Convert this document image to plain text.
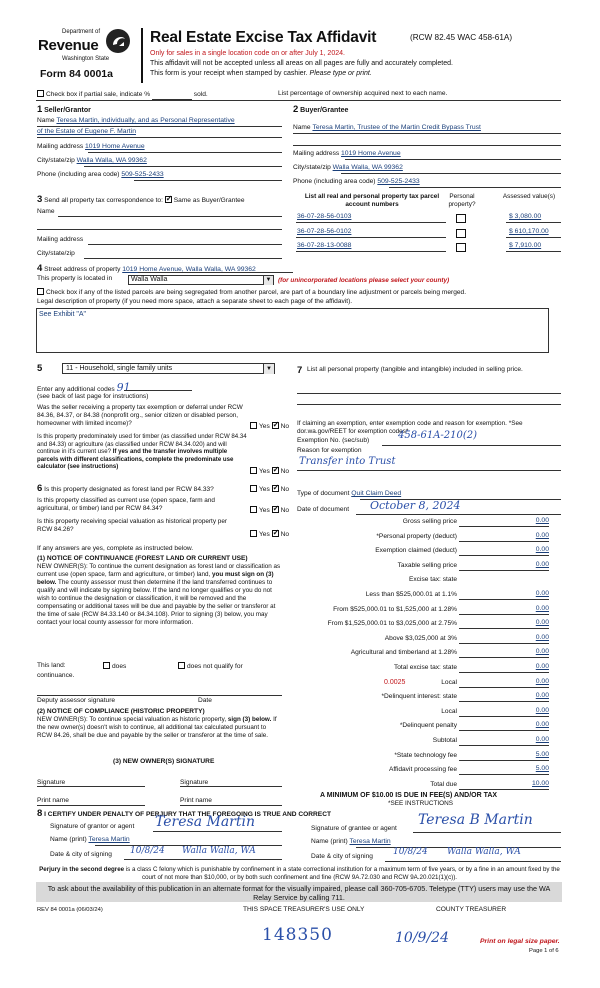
Department of
Revenue
Washington State
Form 84 0001a
Real Estate Excise Tax Affidavit	(RCW 82.45 WAC 458-61A)
Only for sales in a single location code on or after July 1, 2024.
This affidavit will not be accepted unless all areas on all pages are fully and accurately completed.
This form is your receipt when stamped by cashier. Please type or print.
Check box if partial sale, indicate %	sold.	List percentage of ownership acquired next to each name.
1 Seller/Grantor
Name Teresa Martin, individually, and as Personal Representative
of the Estate of Eugene F. Martin
Mailing address 1019 Home Avenue
City/state/zip Walla Walla, WA 99362
Phone (including area code) 509-525-2433
2 Buyer/Grantee
Name Teresa Martin, Trustee of the Martin Credit Bypass Trust
Mailing address 1019 Home Avenue
City/state/zip Walla Walla, WA 99362
Phone (including area code) 509-525-2433
3 Send all property tax correspondence to: ✓ Same as Buyer/Grantee
Name
Mailing address
City/state/zip
List all real and personal property tax parcel account numbers
Personal property?
Assessed value(s)
36-07-28-56-0103	$ 3,080.00
36-07-28-56-0102	$ 610,170.00
36-07-28-13-0088	$ 7,910.00
4 Street address of property 1019 Home Avenue, Walla Walla, WA 99362
This property is located in	Walla Walla	▼ (for unincorporated locations please select your county)
Check box if any of the listed parcels are being segregated from another parcel, are part of a boundary line adjustment or parcels being merged.
Legal description of property (if you need more space, attach a separate sheet to each page of the affidavit).
See Exhibit "A"
5	11 - Household, single family units	▼
Enter any additional codes 91
(see back of last page for instructions)
Was the seller receiving a property tax exemption or deferral under RCW 84.36, 84.37, or 84.38 (nonprofit org., senior citizen or disabled person, homeowner with limited income)?	Yes ✓ No
Is this property predominately used for timber (as classified under RCW 84.34 and 84.33) or agriculture (as classified under RCW 84.34.020) and will continue in it's current use? If yes and the transfer involves multiple parcels with different classifications, complete the predominate use calculator (see instructions)
Yes ✓ No
6 Is this property designated as forest land per RCW 84.33?	Yes ✓ No
Is this property classified as current use (open space, farm and agricultural, or timber) land per RCW 84.34?	Yes ✓ No
Is this property receiving special valuation as historical property per RCW 84.26?
Yes ✓ No
If any answers are yes, complete as instructed below.
(1) NOTICE OF CONTINUANCE (FOREST LAND OR CURRENT USE)
NEW OWNER(S): To continue the current designation as forest land or classification as current use (open space, farm and agriculture, or timber) land, you must sign on (3) below. The county assessor must then determine if the land transferred continues to qualify and will indicate by signing below. If the land no longer qualifies or you do not wish to continue the designation or classification, it will be removed and the compensating or additional taxes will be due and payable by the seller or transferor at the time of sale (RCW 84.33.140 or 84.34.108). Prior to signing (3) below, you may contact your local county assessor for more information.
This land:	does	does not qualify for
continuance.
Deputy assessor signature	Date
(2) NOTICE OF COMPLIANCE (HISTORIC PROPERTY)
NEW OWNER(S): To continue special valuation as historic property, sign (3) below. If the new owner(s) doesn't wish to continue, all additional tax calculated pursuant to RCW 84.26, shall be due and payable by the seller or transferor at the time of sale.
(3) NEW OWNER(S) SIGNATURE
Signature	Signature
Print name	Print name
7 List all personal property (tangible and intangible) included in selling price.
If claiming an exemption, enter exemption code and reason for exemption. *See dor.wa.gov/REET for exemption codes*
Exemption No. (sec/sub)	458-61A-210(2)
Reason for exemption
Transfer into Trust
Type of document Quit Claim Deed
Date of document October 8, 2024
Gross selling price	0.00
*Personal property (deduct)	0.00
Exemption claimed (deduct)	0.00
Taxable selling price	0.00
Excise tax: state
Less than $525,000.01 at 1.1%	0.00
From $525,000.01 to $1,525,000 at 1.28%	0.00
From $1,525,000.01 to $3,025,000 at 2.75%	0.00
Above $3,025,000 at 3%	0.00
Agricultural and timberland at 1.28%	0.00
Total excise tax: state	0.00
Local	0.00
*Delinquent interest: state	0.00
Local	0.00
*Delinquent penalty	0.00
Subtotal	0.00
*State technology fee	5.00
Affidavit processing fee	5.00
Total due	10.00
0.0025
A MINIMUM OF $10.00 IS DUE IN FEE(S) AND/OR TAX
*SEE INSTRUCTIONS
8 I CERTIFY UNDER PENALTY OF PERJURY THAT THE FOREGOING IS TRUE AND CORRECT
Signature of grantor or agent Teresa Martin
Name (print) Teresa Martin
Date & city of signing 10/8/24 Walla Walla, WA
Signature of grantee or agent
Teresa B Martin
Name (print) Teresa Martin
Date & city of signing 10/8/24 Walla Walla, WA
Perjury in the second degree is a class C felony which is punishable by confinement in a state correctional institution for a maximum term of five years, or by a fine in an amount fixed by the court of not more than $10,000, or by both such confinement and fine (RCW 9A.72.030 and RCW 9A.20.021(1)(c)).
To ask about the availability of this publication in an alternate format for the visually impaired, please call 360-705-6705. Teletype (TTY) users may use the WA Relay Service by calling 711.
REV 84 0001a (06/03/24)	THIS SPACE TREASURER'S USE ONLY	COUNTY TREASURER
148350	10/9/24	Print on legal size paper.
Page 1 of 6
